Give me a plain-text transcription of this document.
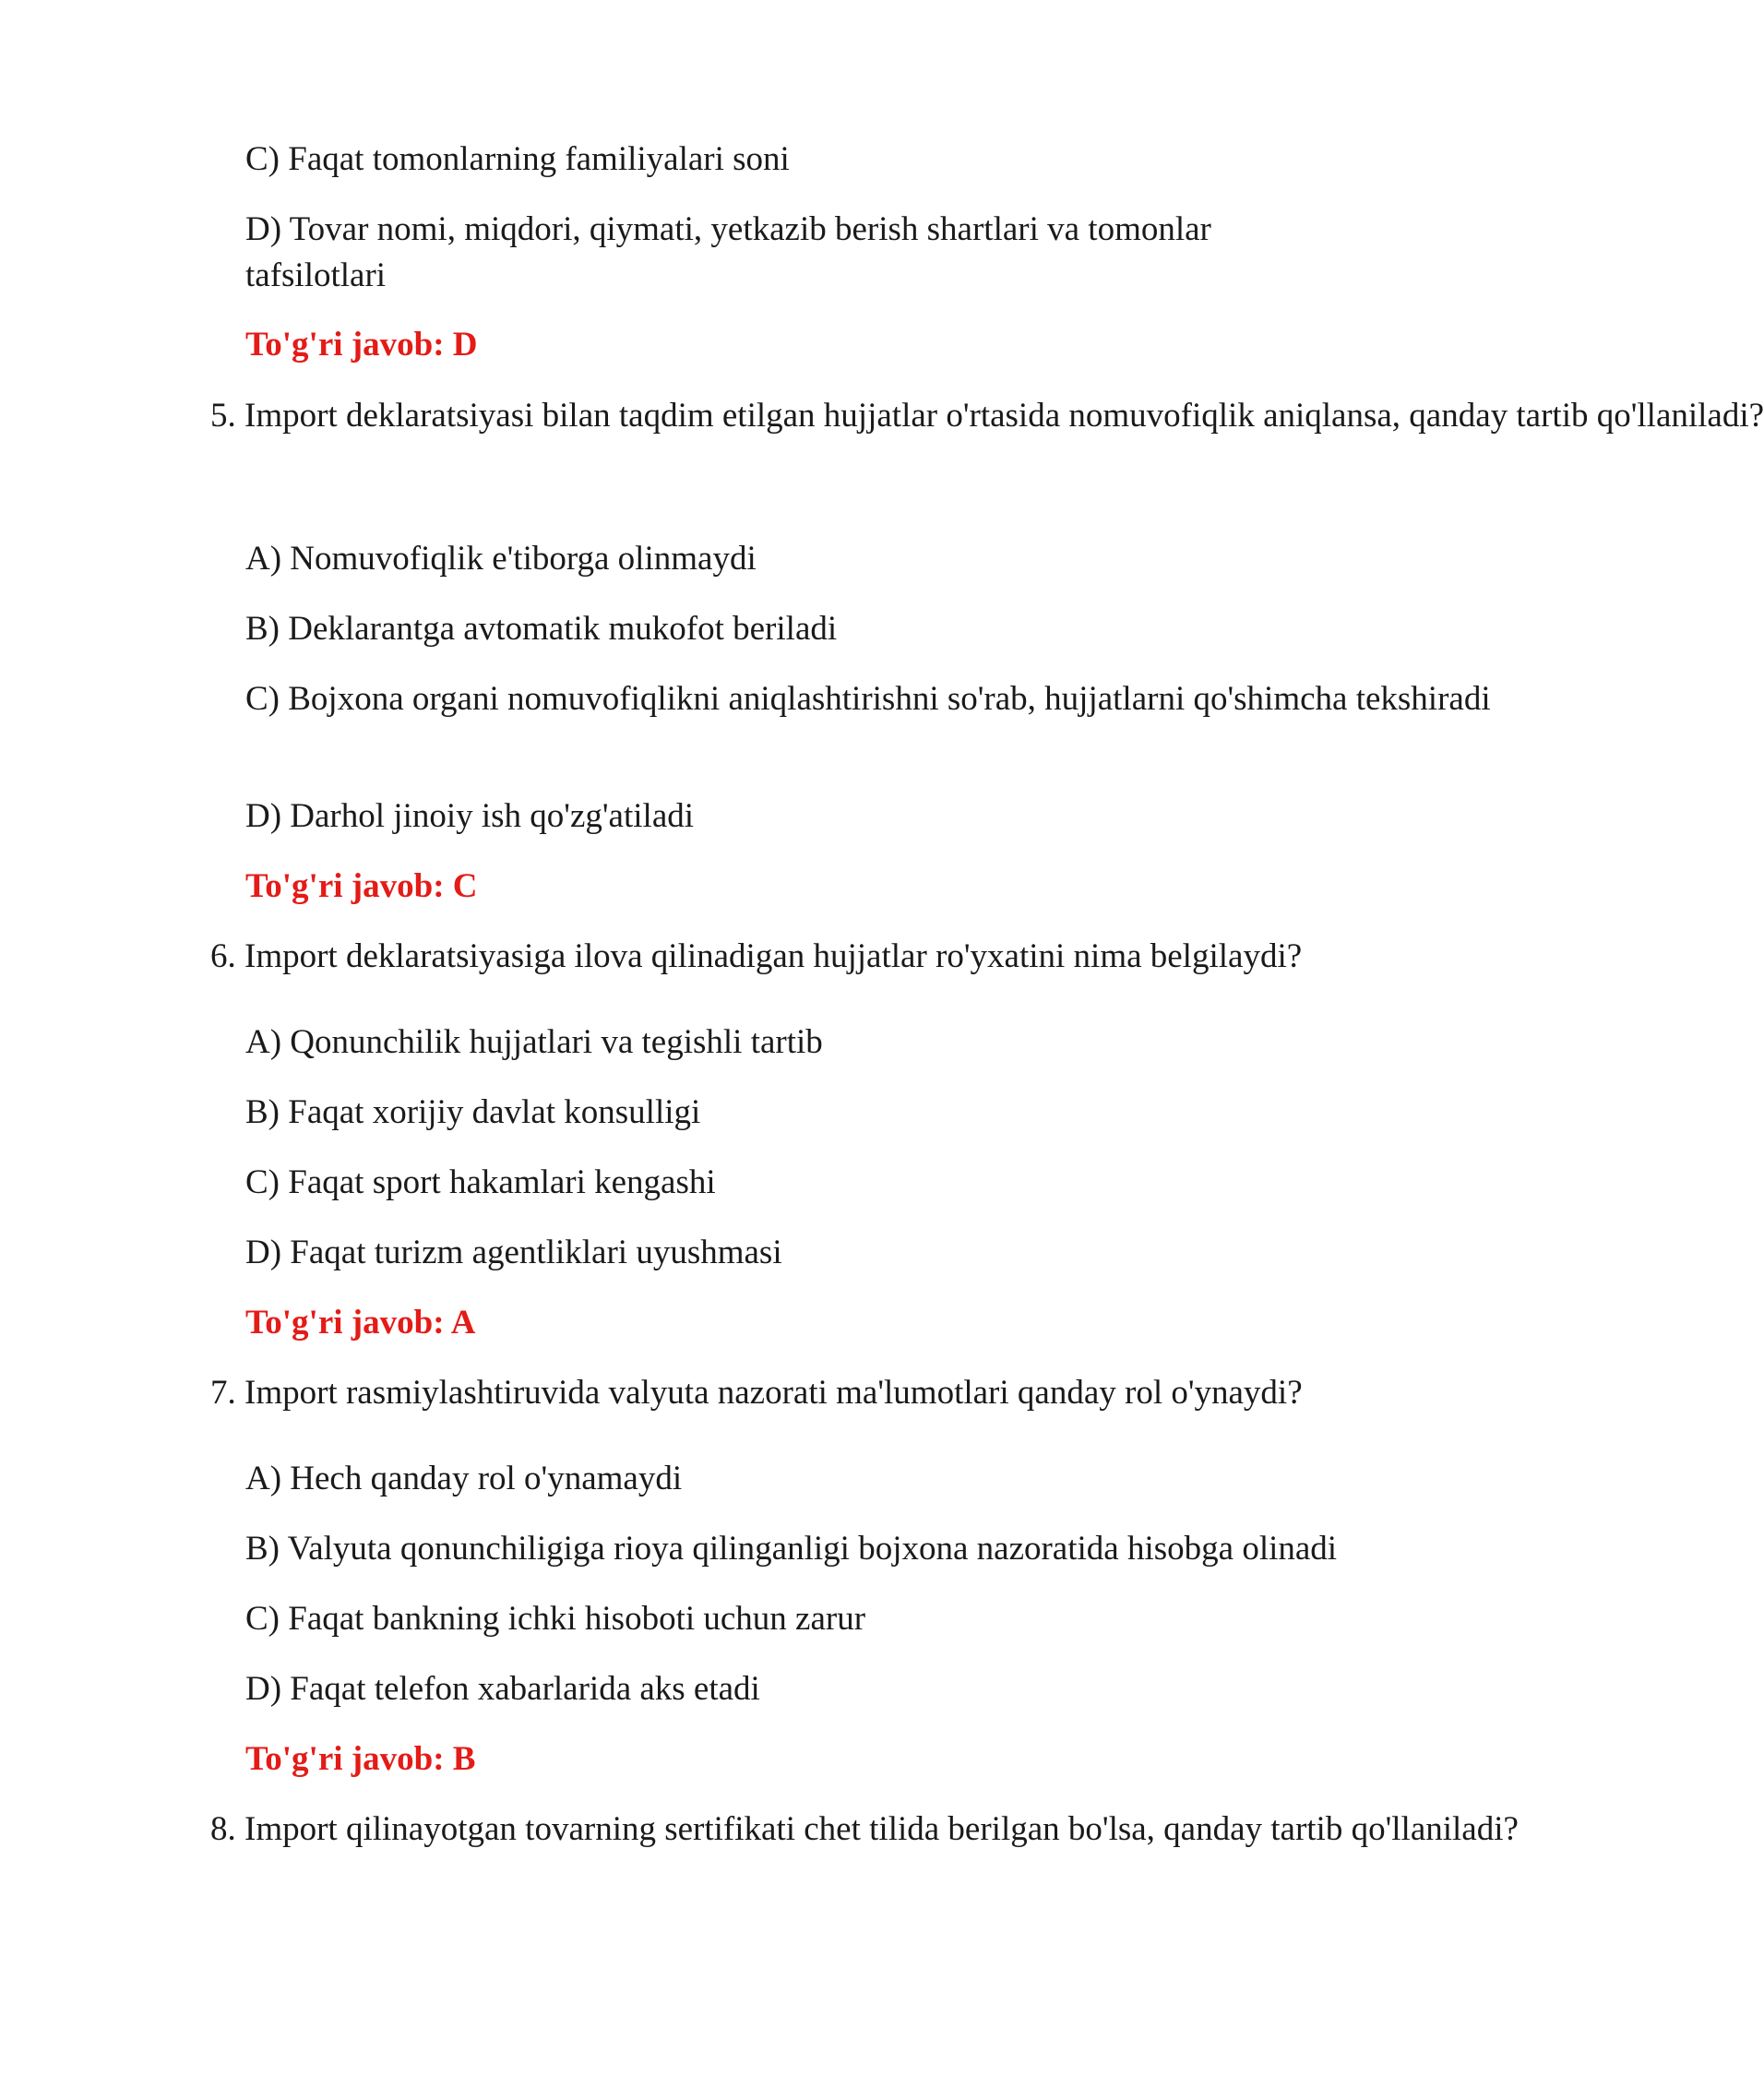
C) Faqat tomonlarning familiyalari soni
D) Tovar nomi, miqdori, qiymati, yetkazib berish shartlari va tomonlar
tafsilotlari
To'g'ri javob: D
5. Import deklaratsiyasi bilan taqdim etilgan hujjatlar o'rtasida nomuvofiqlik aniqlansa, qanday tartib qo'llaniladi?
A) Nomuvofiqlik e'tiborga olinmaydi
B) Deklarantga avtomatik mukofot beriladi
C) Bojxona organi nomuvofiqlikni aniqlashtirishni so'rab, hujjatlarni qo'shimcha tekshiradi
D) Darhol jinoiy ish qo'zg'atiladi
To'g'ri javob: C
6. Import deklaratsiyasiga ilova qilinadigan hujjatlar ro'yxatini nima belgilaydi?
A) Qonunchilik hujjatlari va tegishli tartib
B) Faqat xorijiy davlat konsulligi
C) Faqat sport hakamlari kengashi
D) Faqat turizm agentliklari uyushmasi
To'g'ri javob: A
7. Import rasmiylashtiruvida valyuta nazorati ma'lumotlari qanday rol o'ynaydi?
A) Hech qanday rol o'ynamaydi
B) Valyuta qonunchiligiga rioya qilinganligi bojxona nazoratida hisobga olinadi
C) Faqat bankning ichki hisoboti uchun zarur
D) Faqat telefon xabarlarida aks etadi
To'g'ri javob: B
8. Import qilinayotgan tovarning sertifikati chet tilida berilgan bo'lsa, qanday tartib qo'llaniladi?
